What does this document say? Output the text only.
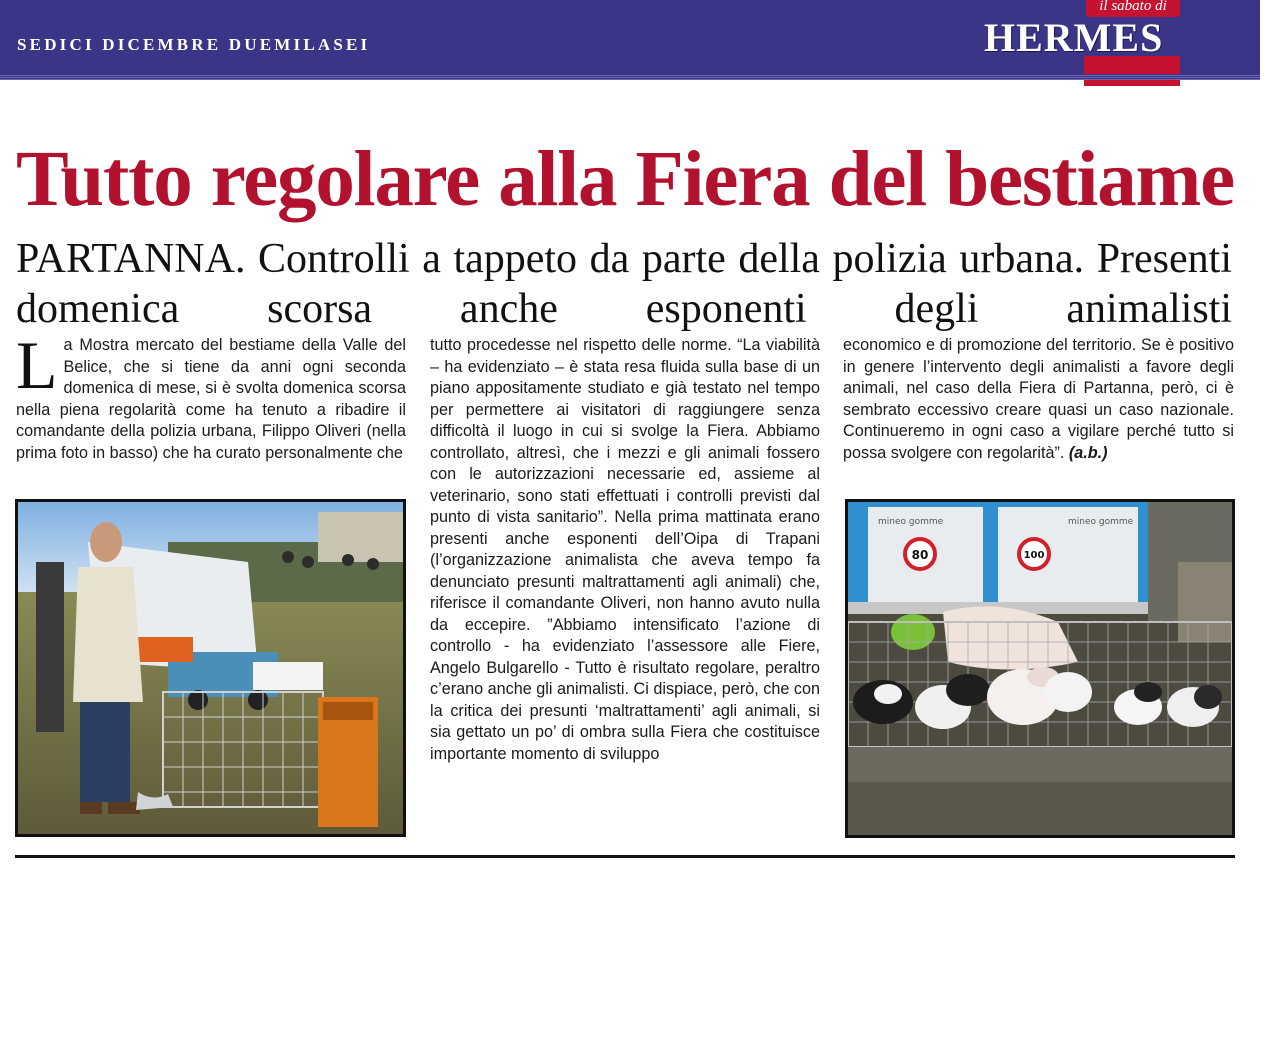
SEDICI DICEMBRE DUEMILASEI
il sabato di
HERMES
Tutto regolare alla Fiera del bestiame
PARTANNA. Controlli a tappeto da parte della polizia urbana. Presenti domenica scorsa anche esponenti degli animalisti
L a Mostra mercato del bestiame della Valle del Belice, che si tiene da anni ogni seconda domenica di mese, si è svolta domenica scorsa nella piena regolarità come ha tenuto a ribadire il comandante della polizia urbana, Filippo Oliveri (nella prima foto in basso) che ha curato personalmente che

tutto procedesse nel rispetto delle norme. “La viabilità – ha evidenziato – è stata resa fluida sulla base di un piano appositamente studiato e già testato nel tempo per permettere ai visitatori di raggiungere senza difficoltà il luogo in cui si svolge la Fiera. Abbiamo controllato, altresì, che i mezzi e gli animali fossero con le autorizzazioni necessarie ed, assieme al veterinario, sono stati effettuati i controlli previsti dal punto di vista sanitario”. Nella prima mattinata erano presenti anche esponenti dell’Oipa di Trapani (l’organizzazione animalista che aveva tempo fa denunciato presunti maltrattamenti agli animali) che, riferisce il comandante Oliveri, non hanno avuto nulla da eccepire. ”Abbiamo intensificato l’azione di controllo - ha evidenziato l’assessore alle Fiere, Angelo Bulgarello - Tutto è risultato regolare, peraltro c’erano anche gli animalisti. Ci dispiace, però, che con la critica dei presunti ‘maltrattamenti’ agli animali, si sia gettato un po’ di ombra sulla Fiera che costituisce importante momento di sviluppo

economico e di promozione del territorio. Se è positivo in genere l’intervento degli animalisti a favore degli animali, nel caso della Fiera di Partanna, però, ci è sembrato eccessivo creare quasi un caso nazionale. Continueremo in ogni caso a vigilare perché tutto si possa svolgere con regolarità”. (a.b.)

mineo gomme	mineo gomme
80	100
